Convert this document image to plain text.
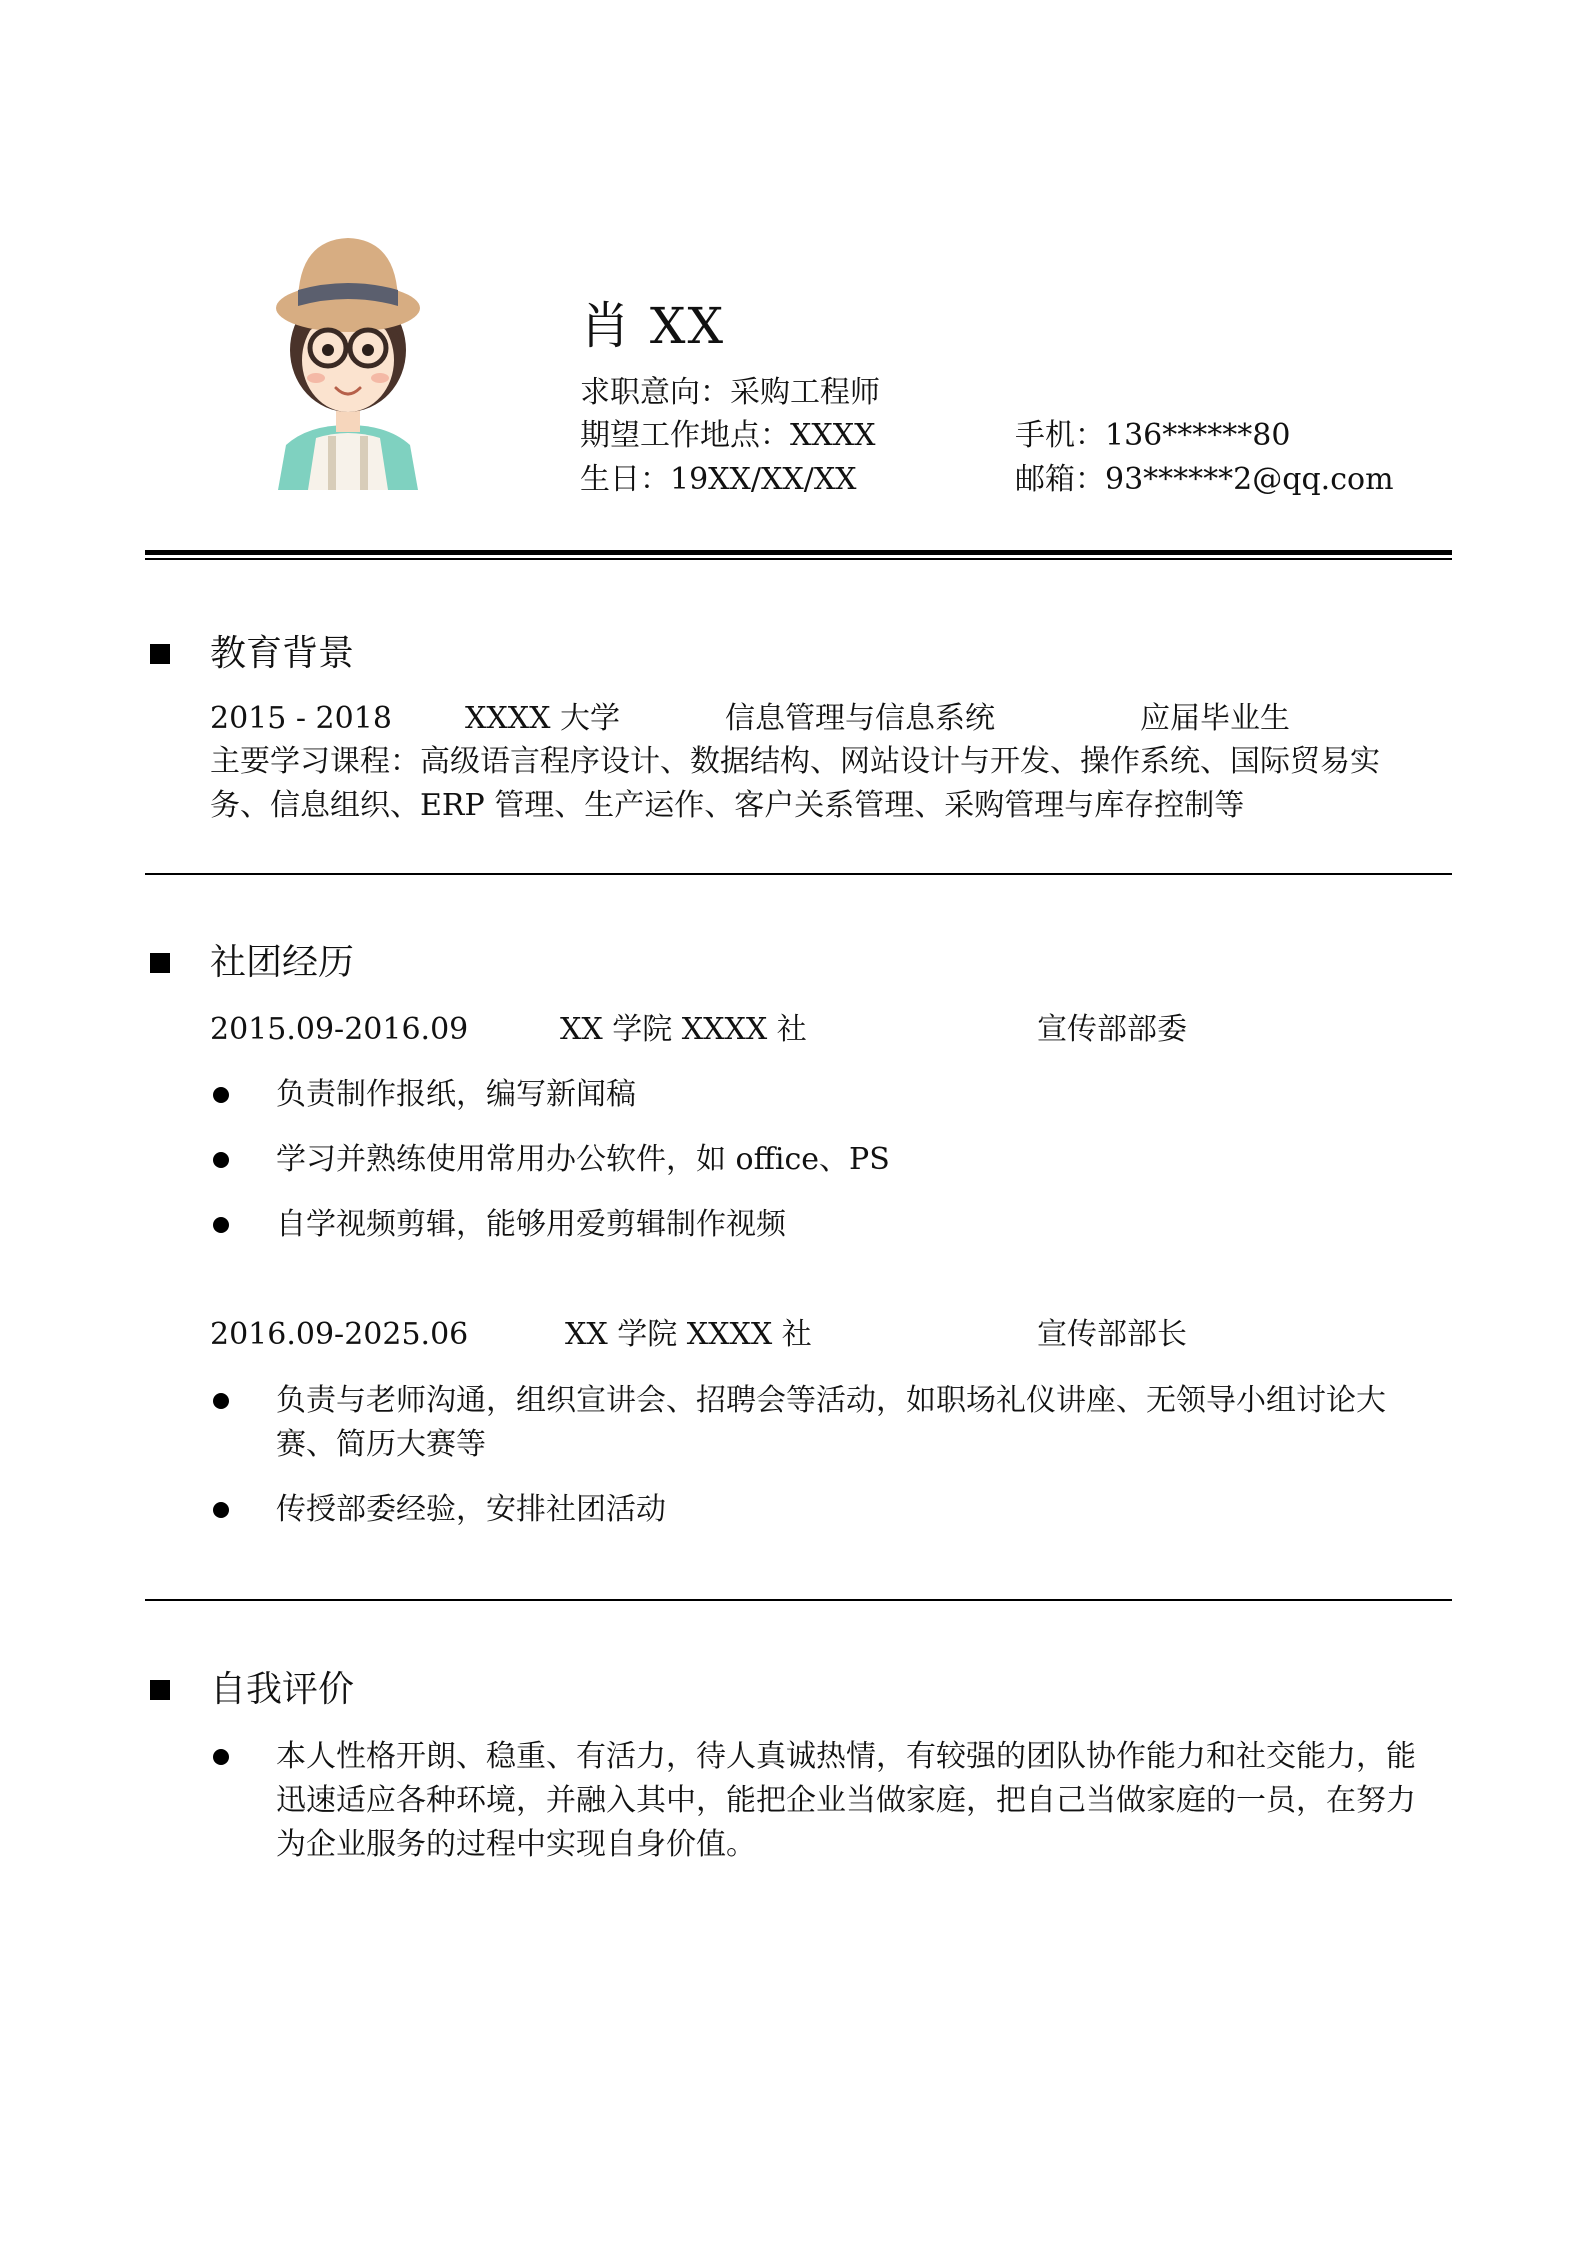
肖 XX
求职意向：采购工程师
期望工作地点：XXXX	手机：136******80
生日：19XX/XX/XX	邮箱：93******2@qq.com
教育背景
2015 - 2018 XXXX 大学	信息管理与信息系统	应届毕业生
主要学习课程：高级语言程序设计、数据结构、网站设计与开发、操作系统、国际贸易实务、信息组织、ERP 管理、生产运作、客户关系管理、采购管理与库存控制等
社团经历
2015.09-2016.09	XX 学院 XXXX 社	宣传部部委
负责制作报纸，编写新闻稿
学习并熟练使用常用办公软件，如 office、PS
自学视频剪辑，能够用爱剪辑制作视频
2016.09-2025.06	XX 学院 XXXX 社	宣传部部长
负责与老师沟通，组织宣讲会、招聘会等活动，如职场礼仪讲座、无领导小组讨论大赛、简历大赛等
传授部委经验，安排社团活动
自我评价
本人性格开朗、稳重、有活力，待人真诚热情，有较强的团队协作能力和社交能力，能迅速适应各种环境，并融入其中，能把企业当做家庭，把自己当做家庭的一员，在努力为企业服务的过程中实现自身价值。
